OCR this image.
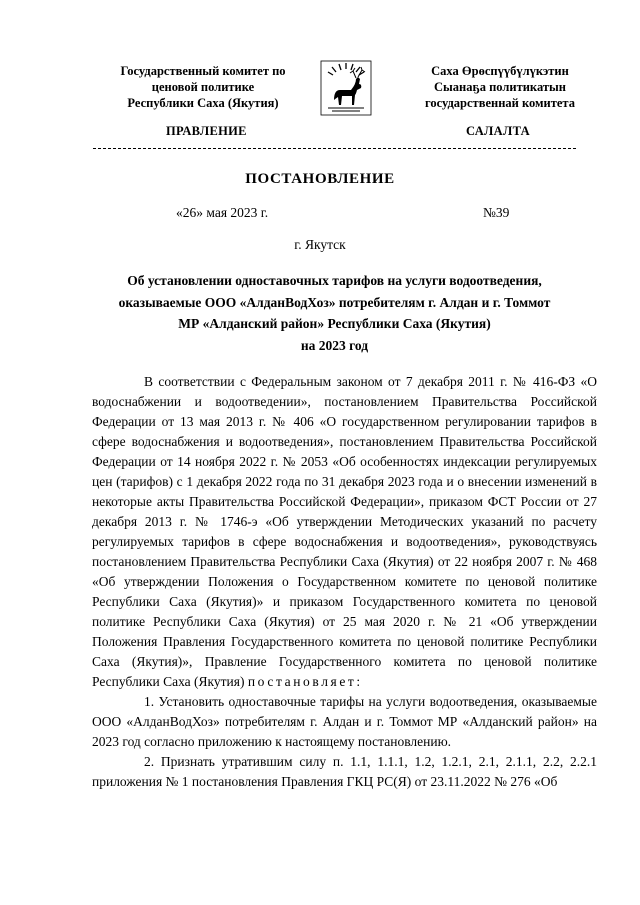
Государственный комитет по
ценовой политике
Республики Саха (Якутия)
Саха Өрөспүүбүлүкэтин
Сыанаҕа политикатын
государственнай комитета
ПРАВЛЕНИЕ	САЛАЛТА
ПОСТАНОВЛЕНИЕ
«26» мая 2023 г.	№39
г. Якутск
Об установлении одноставочных тарифов на услуги водоотведения,
оказываемые ООО «АлданВодХоз» потребителям г. Алдан и г. Томмот
МР «Алданский район» Республики Саха (Якутия)
на 2023 год

В соответствии с Федеральным законом от 7 декабря 2011 г. № 416-ФЗ «О водоснабжении и водоотведении», постановлением Правительства Российской Федерации от 13 мая 2013 г. № 406 «О государственном регулировании тарифов в сфере водоснабжения и водоотведения», постановлением Правительства Российской Федерации от 14 ноября 2022 г. № 2053 «Об особенностях индексации регулируемых цен (тарифов) с 1 декабря 2022 года по 31 декабря 2023 года и о внесении изменений в некоторые акты Правительства Российской Федерации», приказом ФСТ России от 27 декабря 2013 г. № 1746-э «Об утверждении Методических указаний по расчету регулируемых тарифов в сфере водоснабжения и водоотведения», руководствуясь постановлением Правительства Республики Саха (Якутия) от 22 ноября 2007 г. № 468 «Об утверждении Положения о Государственном комитете по ценовой политике Республики Саха (Якутия)» и приказом Государственного комитета по ценовой политике Республики Саха (Якутия) от 25 мая 2020 г. № 21 «Об утверждении Положения Правления Государственного комитета по ценовой политике Республики Саха (Якутия)», Правление Государственного комитета по ценовой политике Республики Саха (Якутия) постановляет:

1. Установить одноставочные тарифы на услуги водоотведения, оказываемые ООО «АлданВодХоз» потребителям г. Алдан и г. Томмот МР «Алданский район» на 2023 год согласно приложению к настоящему постановлению.

2. Признать утратившим силу п. 1.1, 1.1.1, 1.2, 1.2.1, 2.1, 2.1.1, 2.2, 2.2.1 приложения № 1 постановления Правления ГКЦ РС(Я) от 23.11.2022 № 276 «Об
